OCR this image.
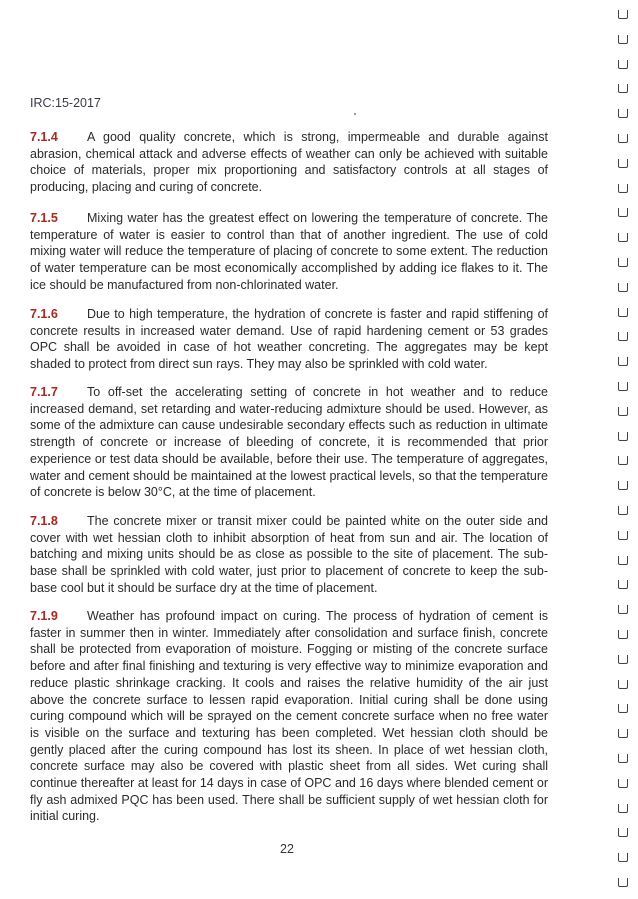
IRC:15-2017

7.1.4 A good quality concrete, which is strong, impermeable and durable against abrasion, chemical attack and adverse effects of weather can only be achieved with suitable choice of materials, proper mix proportioning and satisfactory controls at all stages of producing, placing and curing of concrete.

7.1.5 Mixing water has the greatest effect on lowering the temperature of concrete. The temperature of water is easier to control than that of another ingredient. The use of cold mixing water will reduce the temperature of placing of concrete to some extent. The reduction of water temperature can be most economically accomplished by adding ice flakes to it. The ice should be manufactured from non-chlorinated water.

7.1.6 Due to high temperature, the hydration of concrete is faster and rapid stiffening of concrete results in increased water demand. Use of rapid hardening cement or 53 grades OPC shall be avoided in case of hot weather concreting. The aggregates may be kept shaded to protect from direct sun rays. They may also be sprinkled with cold water.

7.1.7 To off-set the accelerating setting of concrete in hot weather and to reduce increased demand, set retarding and water-reducing admixture should be used. However, as some of the admixture can cause undesirable secondary effects such as reduction in ultimate strength of concrete or increase of bleeding of concrete, it is recommended that prior experience or test data should be available, before their use. The temperature of aggregates, water and cement should be maintained at the lowest practical levels, so that the temperature of concrete is below 30°C, at the time of placement.

7.1.8 The concrete mixer or transit mixer could be painted white on the outer side and cover with wet hessian cloth to inhibit absorption of heat from sun and air. The location of batching and mixing units should be as close as possible to the site of placement. The sub-base shall be sprinkled with cold water, just prior to placement of concrete to keep the sub-base cool but it should be surface dry at the time of placement.

7.1.9 Weather has profound impact on curing. The process of hydration of cement is faster in summer then in winter. Immediately after consolidation and surface finish, concrete shall be protected from evaporation of moisture. Fogging or misting of the concrete surface before and after final finishing and texturing is very effective way to minimize evaporation and reduce plastic shrinkage cracking. It cools and raises the relative humidity of the air just above the concrete surface to lessen rapid evaporation. Initial curing shall be done using curing compound which will be sprayed on the cement concrete surface when no free water is visible on the surface and texturing has been completed. Wet hessian cloth should be gently placed after the curing compound has lost its sheen. In place of wet hessian cloth, concrete surface may also be covered with plastic sheet from all sides. Wet curing shall continue thereafter at least for 14 days in case of OPC and 16 days where blended cement or fly ash admixed PQC has been used. There shall be sufficient supply of wet hessian cloth for initial curing.

22
